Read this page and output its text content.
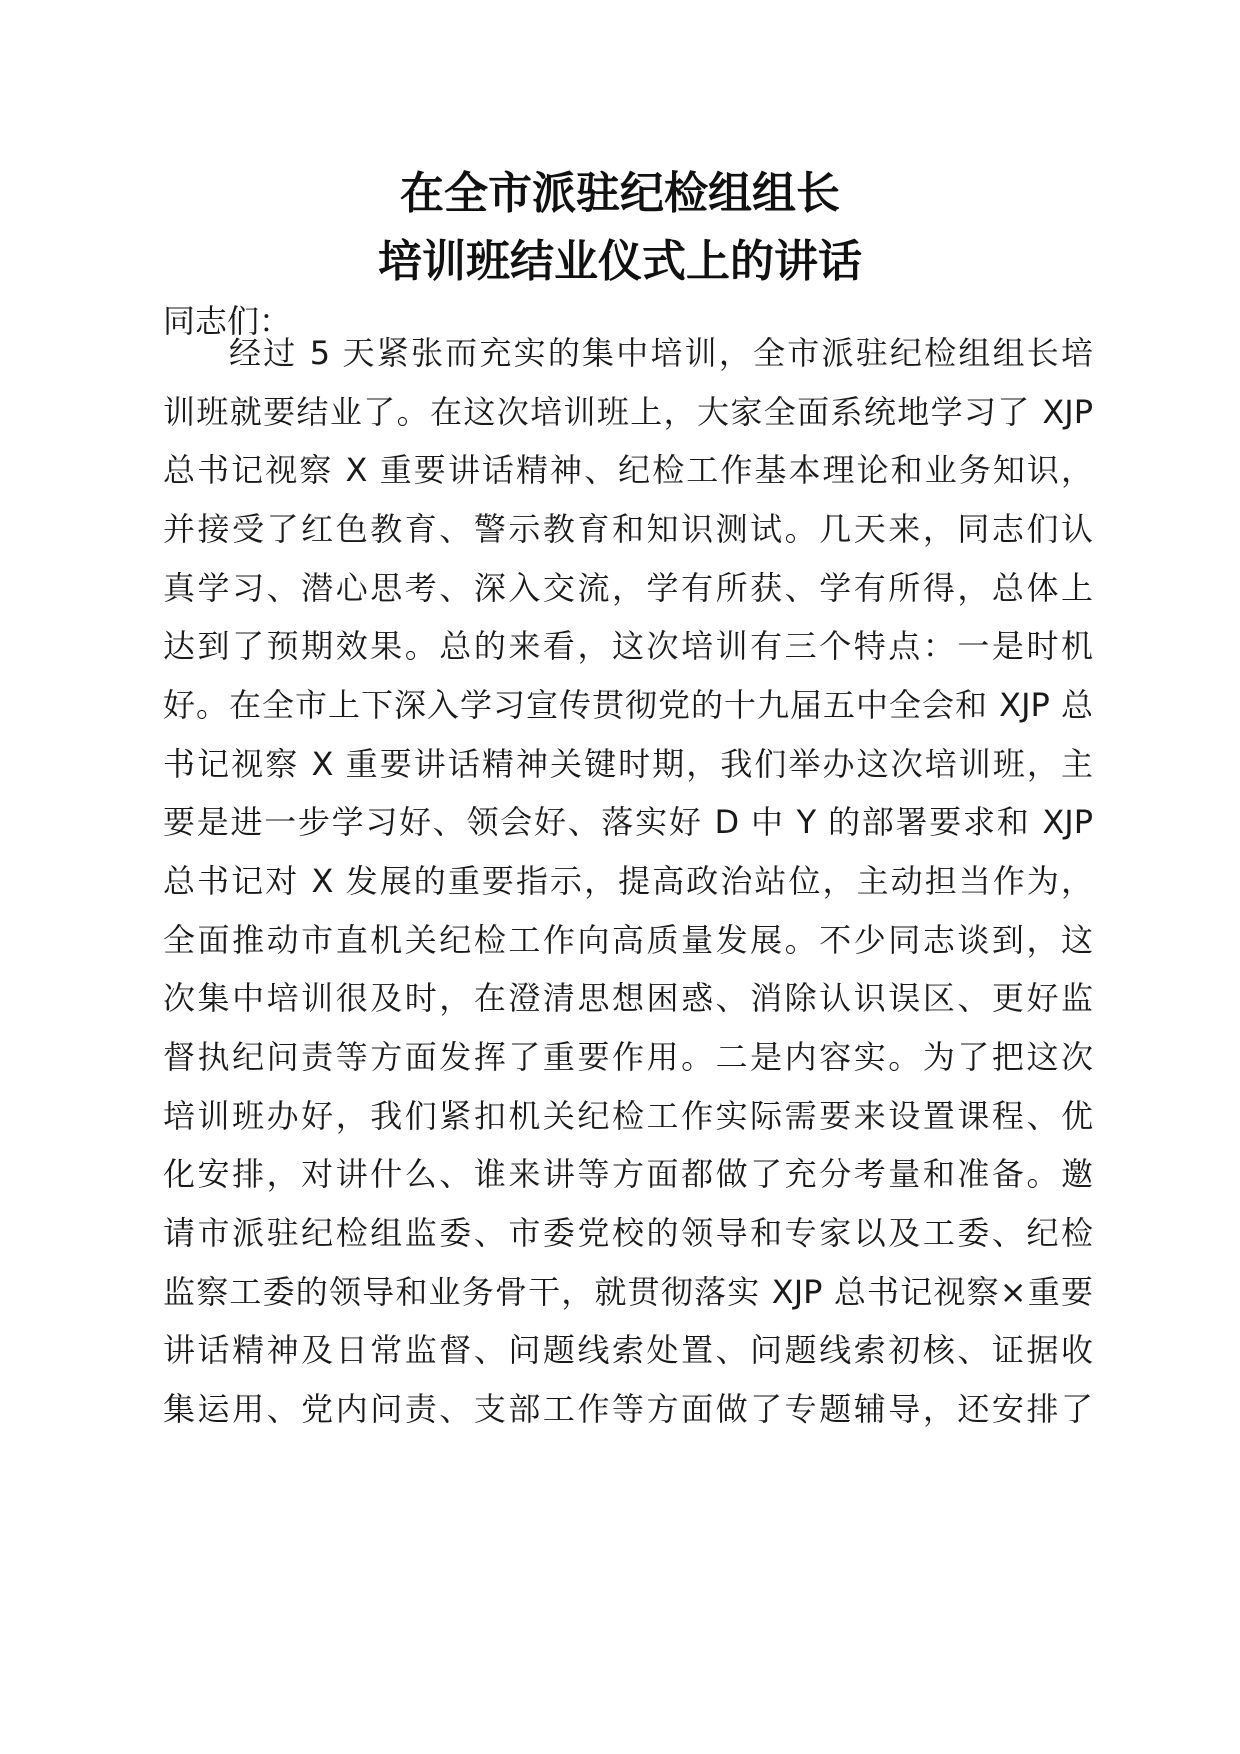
在全市派驻纪检组组长
培训班结业仪式上的讲话
同志们：
经过 5 天紧张而充实的集中培训，全市派驻纪检组组长培
训班就要结业了。在这次培训班上，大家全面系统地学习了 XJP
总书记视察 X 重要讲话精神、纪检工作基本理论和业务知识，
并接受了红色教育、警示教育和知识测试。几天来，同志们认
真学习、潜心思考、深入交流，学有所获、学有所得，总体上
达到了预期效果。总的来看，这次培训有三个特点：一是时机
好。在全市上下深入学习宣传贯彻党的十九届五中全会和 XJP 总
书记视察 X 重要讲话精神关键时期，我们举办这次培训班，主
要是进一步学习好、领会好、落实好 D 中 Y 的部署要求和 XJP
总书记对 X 发展的重要指示，提高政治站位，主动担当作为，
全面推动市直机关纪检工作向高质量发展。不少同志谈到，这
次集中培训很及时，在澄清思想困惑、消除认识误区、更好监
督执纪问责等方面发挥了重要作用。二是内容实。为了把这次
培训班办好，我们紧扣机关纪检工作实际需要来设置课程、优
化安排，对讲什么、谁来讲等方面都做了充分考量和准备。邀
请市派驻纪检组监委、市委党校的领导和专家以及工委、纪检
监察工委的领导和业务骨干，就贯彻落实 XJP 总书记视察×重要
讲话精神及日常监督、问题线索处置、问题线索初核、证据收
集运用、党内问责、支部工作等方面做了专题辅导，还安排了
